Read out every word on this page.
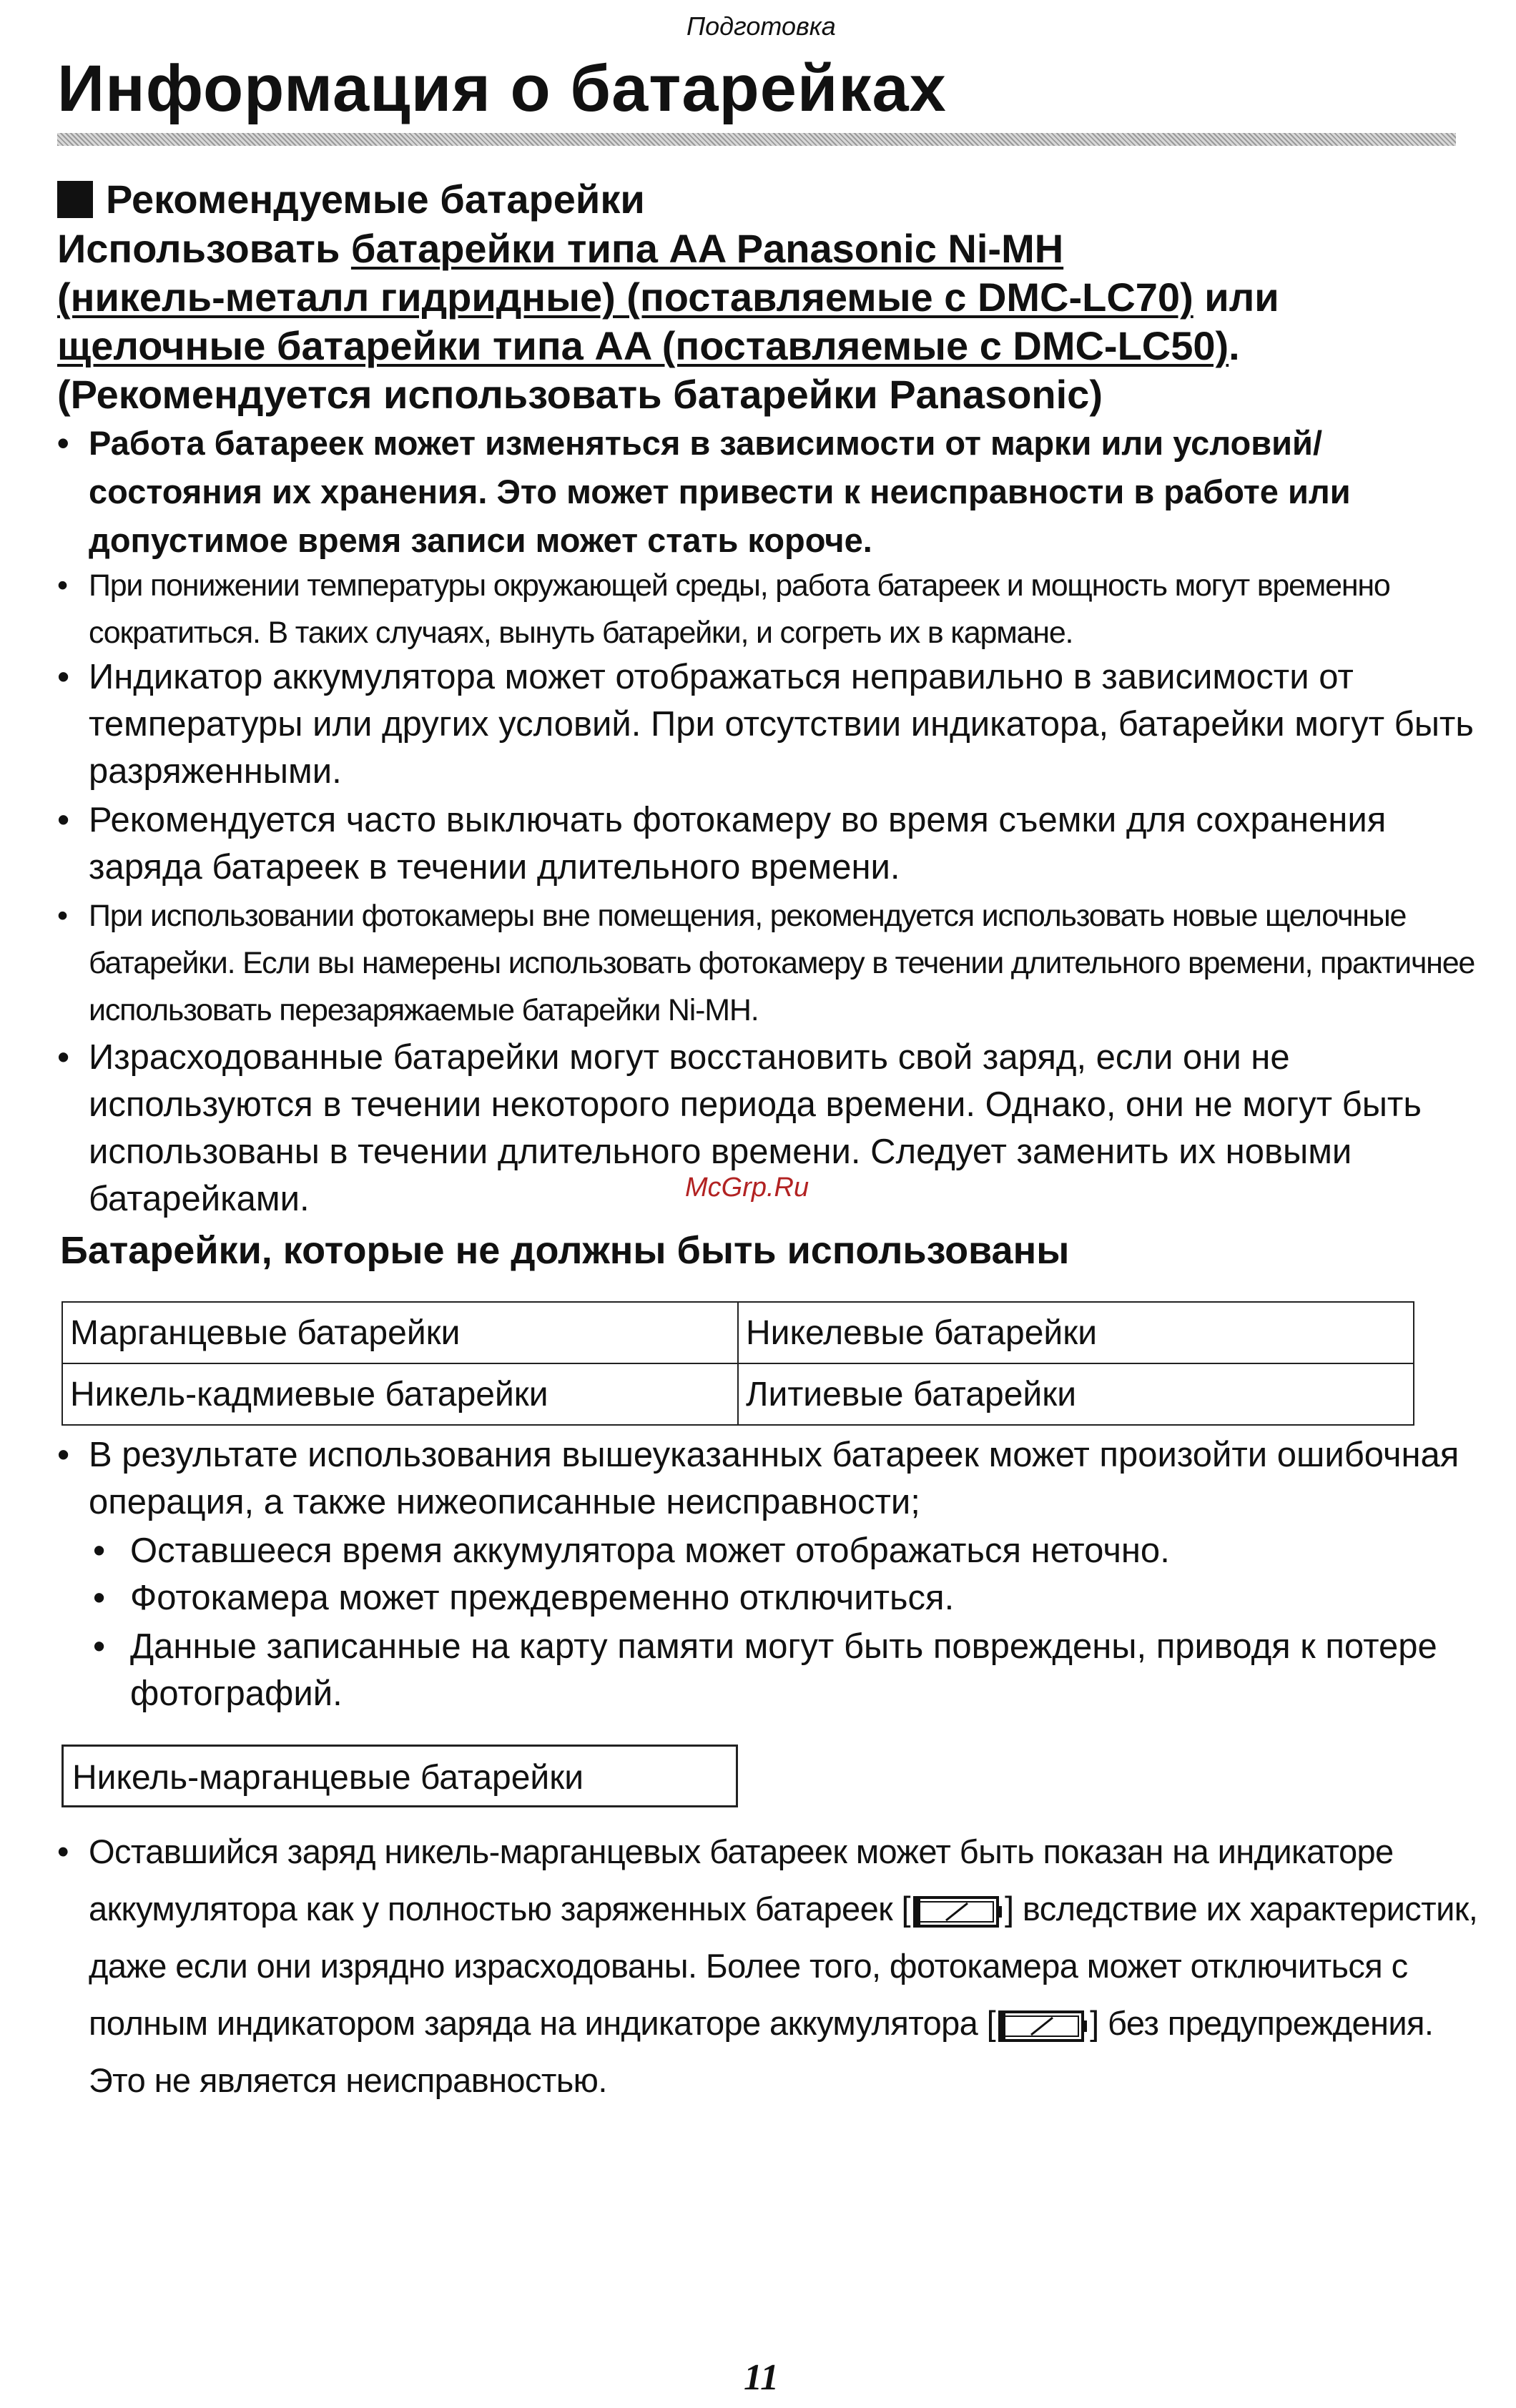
Подготовка
Информация о батарейках
Рекомендуемые батарейки
Использовать батарейки типа AA Panasonic Ni-MH
(никель-металл гидридные) (поставляемые с DMC-LC70) или
щелочные батарейки типа AA (поставляемые с DMC-LC50).
(Рекомендуется использовать батарейки Panasonic)
• Работа батареек может изменяться в зависимости от марки или условий/состояния их хранения. Это может привести к неисправности в работе или допустимое время записи может стать короче.
• При понижении температуры окружающей среды, работа батареек и мощность могут временно сократиться. В таких случаях, вынуть батарейки, и согреть их в кармане.
• Индикатор аккумулятора может отображаться неправильно в зависимости от температуры или других условий. При отсутствии индикатора, батарейки могут быть разряженными.
• Рекомендуется часто выключать фотокамеру во время съемки для сохранения заряда батареек в течении длительного времени.
• При использовании фотокамеры вне помещения, рекомендуется использовать новые щелочные батарейки. Если вы намерены использовать фотокамеру в течении длительного времени, практичнее использовать перезаряжаемые батарейки Ni-MH.
• Израсходованные батарейки могут восстановить свой заряд, если они не используются в течении некоторого периода времени. Однако, они не могут быть использованы в течении длительного времени. Следует заменить их новыми батарейками.	McGrp.Ru
Батарейки, которые не должны быть использованы
Марганцевые батарейки	Никелевые батарейки
Никель-кадмиевые батарейки	Литиевые батарейки
• В результате использования вышеуказанных батареек может произойти ошибочная операция, а также нижеописанные неисправности;
• Оставшееся время аккумулятора может отображаться неточно.
• Фотокамера может преждевременно отключиться.
• Данные записанные на карту памяти могут быть повреждены, приводя к потере фотографий.
Никель-марганцевые батарейки
• Оставшийся заряд никель-марганцевых батареек может быть показан на индикаторе аккумулятора как у полностью заряженных батареек [	] вследствие их характеристик, даже если они изрядно израсходованы. Более того, фотокамера может отключиться с полным индикатором заряда на индикаторе аккумулятора [	] без предупреждения. Это не является неисправностью.
11
